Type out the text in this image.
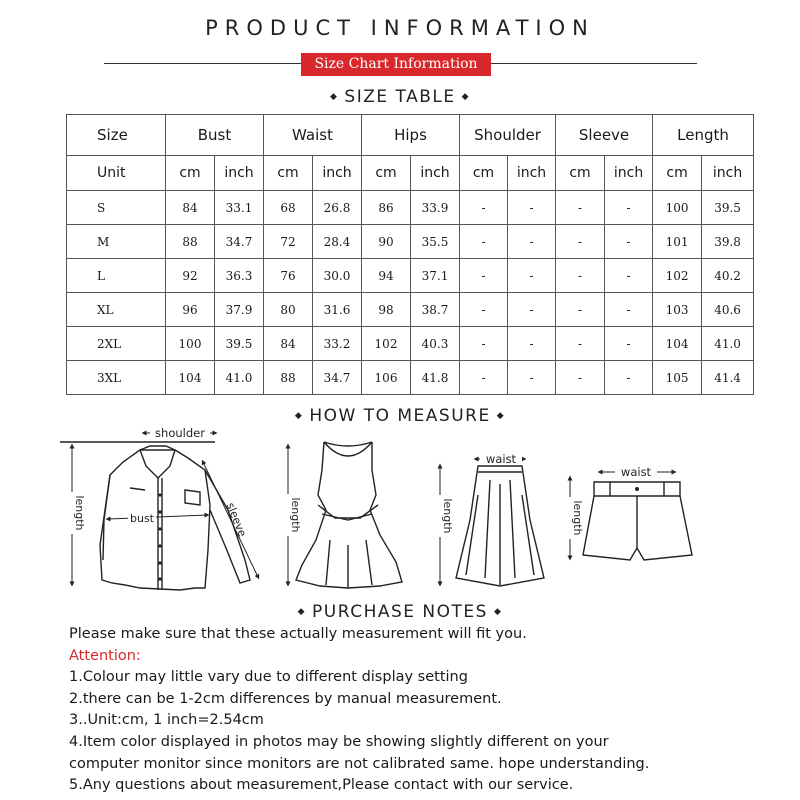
PRODUCT INFORMATION
Size Chart Information
◆ SIZE TABLE ◆
Size	Bust		Waist		Hips		Shoulder		Sleeve		Length	
Unit	cm	inch	cm	inch	cm	inch	cm	inch	cm	inch	cm	inch
S	84	33.1	68	26.8	86	33.9	-	-	-	-	100	39.5
M	88	34.7	72	28.4	90	35.5	-	-	-	-	101	39.8
L	92	36.3	76	30.0	94	37.1	-	-	-	-	102	40.2
XL	96	37.9	80	31.6	98	38.7	-	-	-	-	103	40.6
2XL	100	39.5	84	33.2	102	40.3	-	-	-	-	104	41.0
3XL	104	41.0	88	34.7	106	41.8	-	-	-	-	105	41.4
◆ HOW TO MEASURE ◆
shoulder
length	bust	sleeve	length
waist
length
waist
length
◆ PURCHASE NOTES ◆
Please make sure that these actually measurement will fit you.
Attention:
1.Colour may little vary due to different display setting
2.there can be 1-2cm differences by manual measurement.
3..Unit:cm, 1 inch=2.54cm
4.Item color displayed in photos may be showing slightly different on your
computer monitor since monitors are not calibrated same. hope understanding.
5.Any questions about measurement,Please contact with our service.
